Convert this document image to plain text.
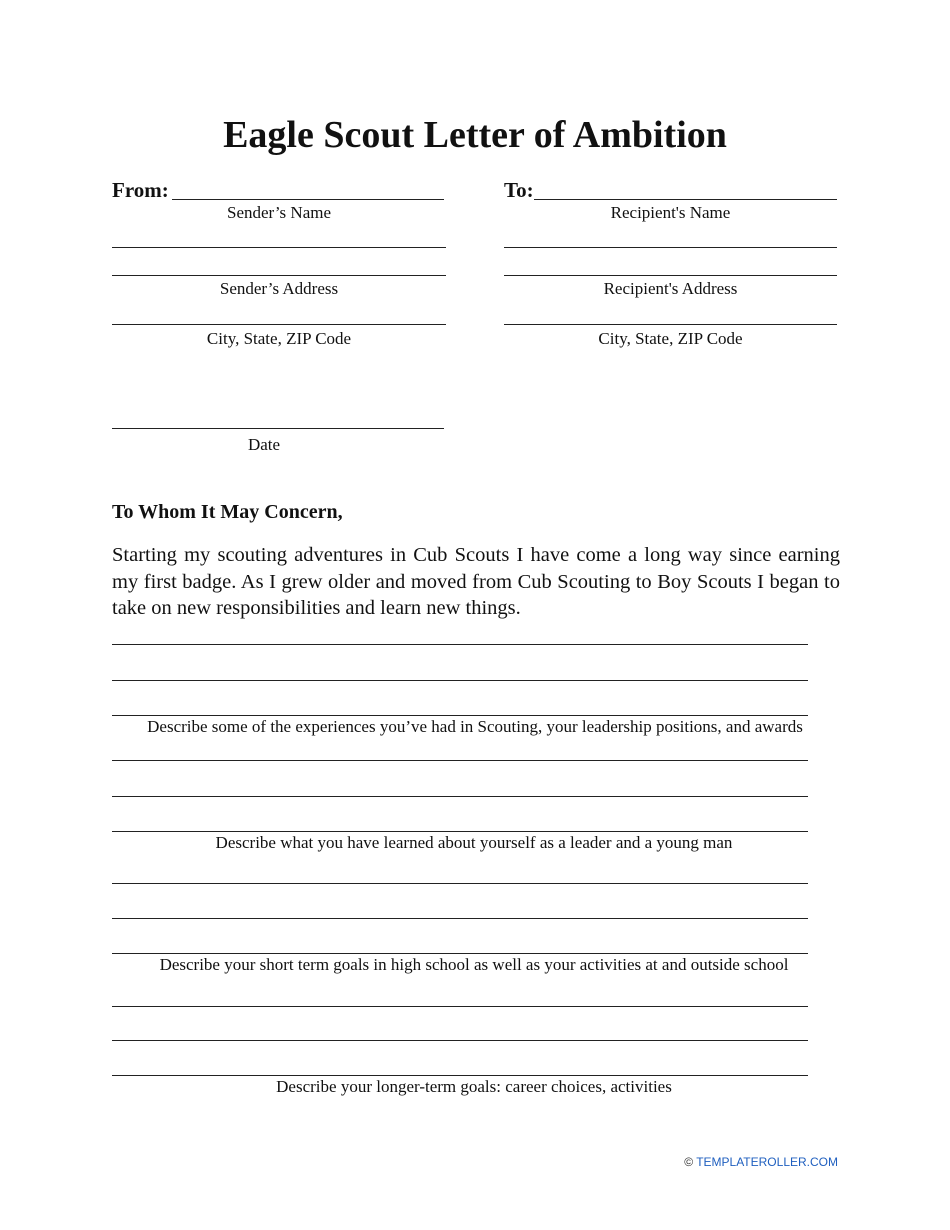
Eagle Scout Letter of Ambition
From:
Sender’s Name
Sender’s Address
City, State, ZIP Code
Date
To:
Recipient's Name
Recipient's Address
City, State, ZIP Code
To Whom It May Concern,
Starting my scouting adventures in Cub Scouts I have come a long way since earning my first badge. As I grew older and moved from Cub Scouting to Boy Scouts I began to take on new responsibilities and learn new things.
Describe some of the experiences you’ve had in Scouting, your leadership positions, and awards
Describe what you have learned about yourself as a leader and a young man
Describe your short term goals in high school as well as your activities at and outside school
Describe your longer-term goals: career choices, activities
© TEMPLATEROLLER.COM
